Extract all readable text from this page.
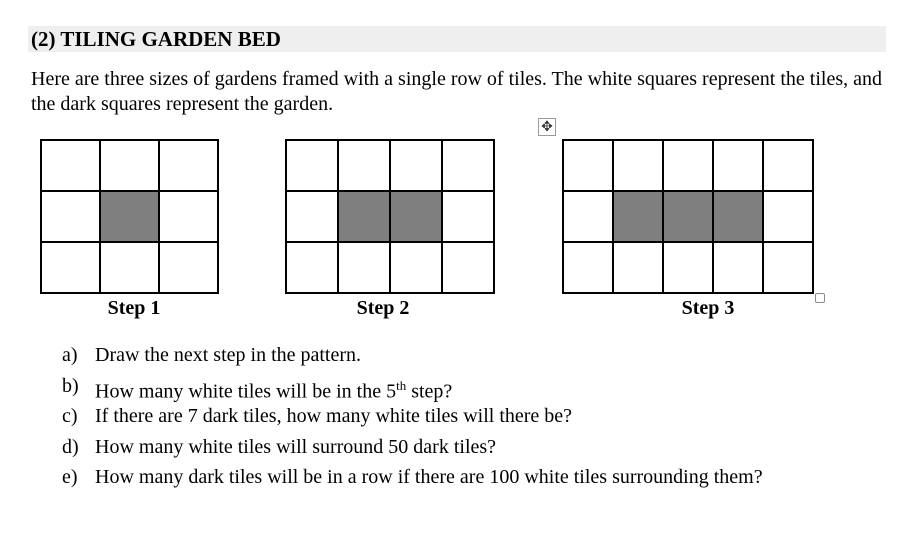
(2) TILING GARDEN BED
Here are three sizes of gardens framed with a single row of tiles. The white squares represent the tiles, and the dark squares represent the garden.
✥
Step 1	Step 2	Step 3
a) Draw the next step in the pattern.
b) How many white tiles will be in the 5th step?
c) If there are 7 dark tiles, how many white tiles will there be?
d) How many white tiles will surround 50 dark tiles?
e) How many dark tiles will be in a row if there are 100 white tiles surrounding them?
